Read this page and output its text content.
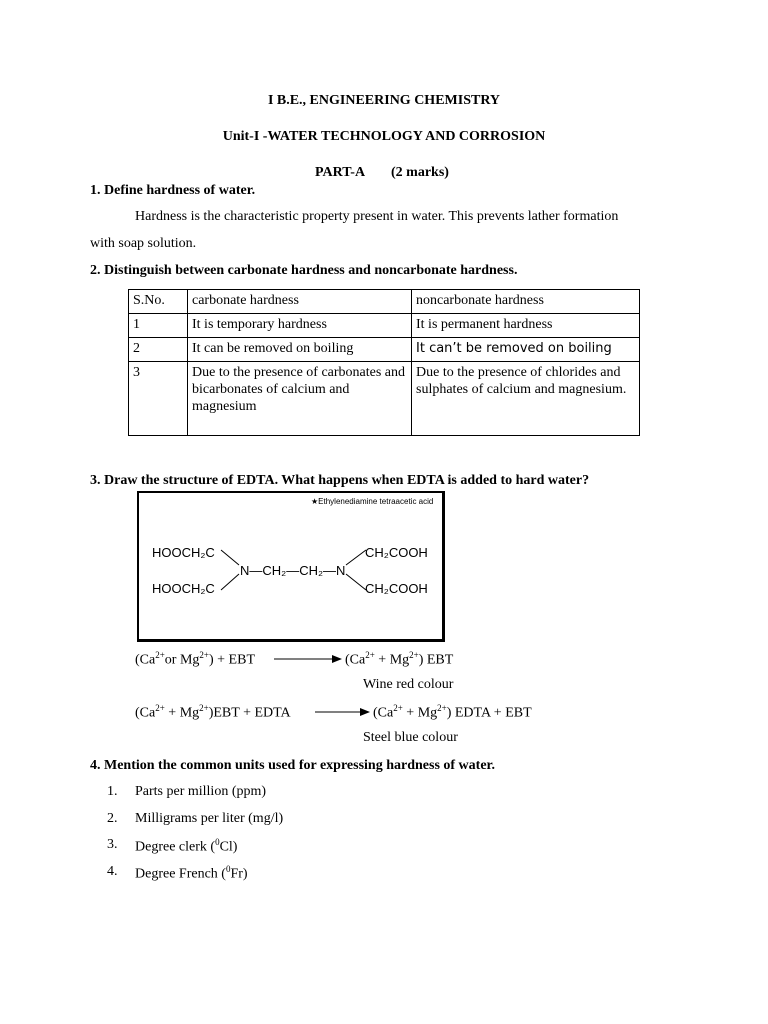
I B.E., ENGINEERING CHEMISTRY
Unit-I -WATER TECHNOLOGY AND CORROSION
PART-A (2 marks)
1. Define hardness of water.
Hardness is the characteristic property present in water. This prevents lather formation
with soap solution.
2. Distinguish between carbonate hardness and noncarbonate hardness.
S.No.	carbonate hardness	noncarbonate hardness
1	It is temporary hardness	It is permanent hardness
2	It can be removed on boiling	It can’t be removed on boiling
3	Due to the presence of carbonates and bicarbonates of calcium and magnesium	Due to the presence of chlorides and sulphates of calcium and magnesium.
3. Draw the structure of EDTA. What happens when EDTA is added to hard water?
★Ethylenediamine tetraacetic acid
HOOCH₂C
HOOCH₂C
N—CH₂—CH₂—N
CH₂COOH
CH₂COOH
($Ca^{2+}or$ $Mg^{2+}$) + EBT	$(Ca^{2+} + Mg^{2+})$ EBT
Wine red colour
$(Ca^{2+} + Mg^{2+})EBT$ + EDTA → $(Ca^{2+} + Mg^{2+})$ EDTA + EBT
Steel blue colour
4. Mention the common units used for expressing hardness of water.
1. Parts per million (ppm)
2. Milligrams per liter (mg/l)
3. Degree clerk ($^0$Cl)
4. Degree French ($^0$Fr)
